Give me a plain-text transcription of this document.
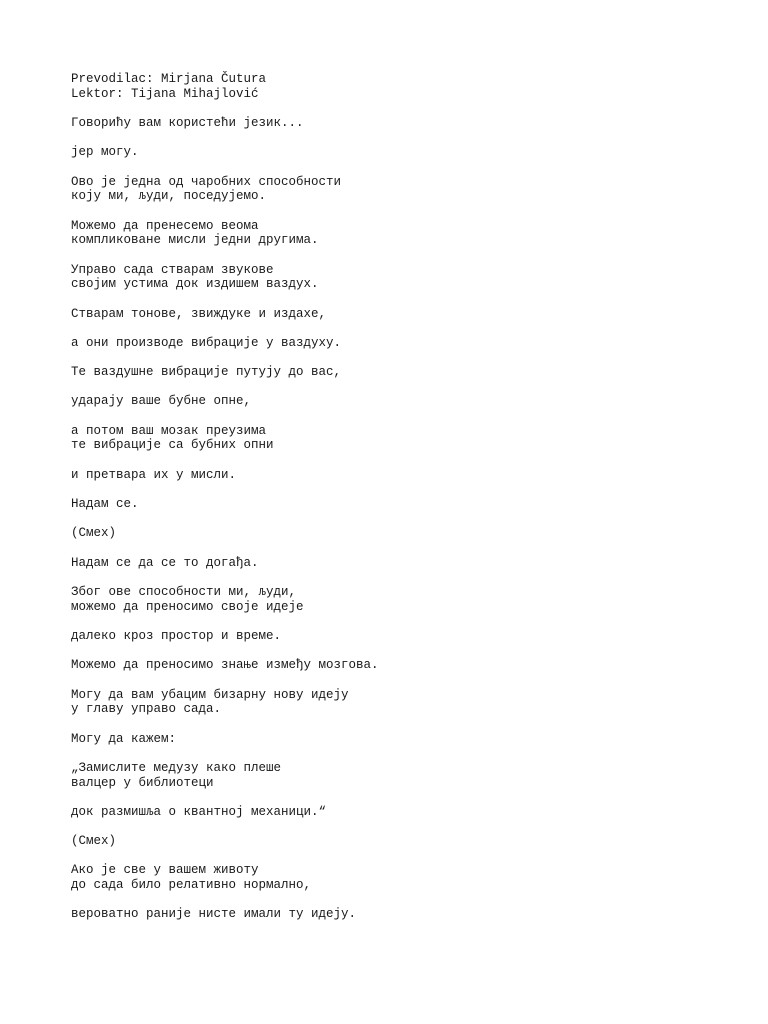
Prevodilac: Mirjana Čutura
Lektor: Tijana Mihajlović
Говорићу вам користећи језик...
јер могу.
Ово је једна од чаробних способности
коју ми, људи, поседујемо.
Можемо да пренесемо веома
компликоване мисли једни другима.
Управо сада стварам звукове
својим устима док издишем ваздух.
Стварам тонове, звиждуке и издахе,
а они производе вибрације у ваздуху.
Те ваздушне вибрације путују до вас,
ударају ваше бубне опне,
а потом ваш мозак преузима
те вибрације са бубних опни
и претвара их у мисли.
Надам се.
(Смех)
Надам се да се то догађа.
Због ове способности ми, људи,
можемо да преносимо своје идеје
далеко кроз простор и време.
Можемо да преносимо знање између мозгова.
Могу да вам убацим бизарну нову идеју
у главу управо сада.
Могу да кажем:
„Замислите медузу како плеше
валцер у библиотеци
док размишља о квантној механици.“
(Смех)
Ако је све у вашем животу
до сада било релативно нормално,
вероватно раније нисте имали ту идеју.
